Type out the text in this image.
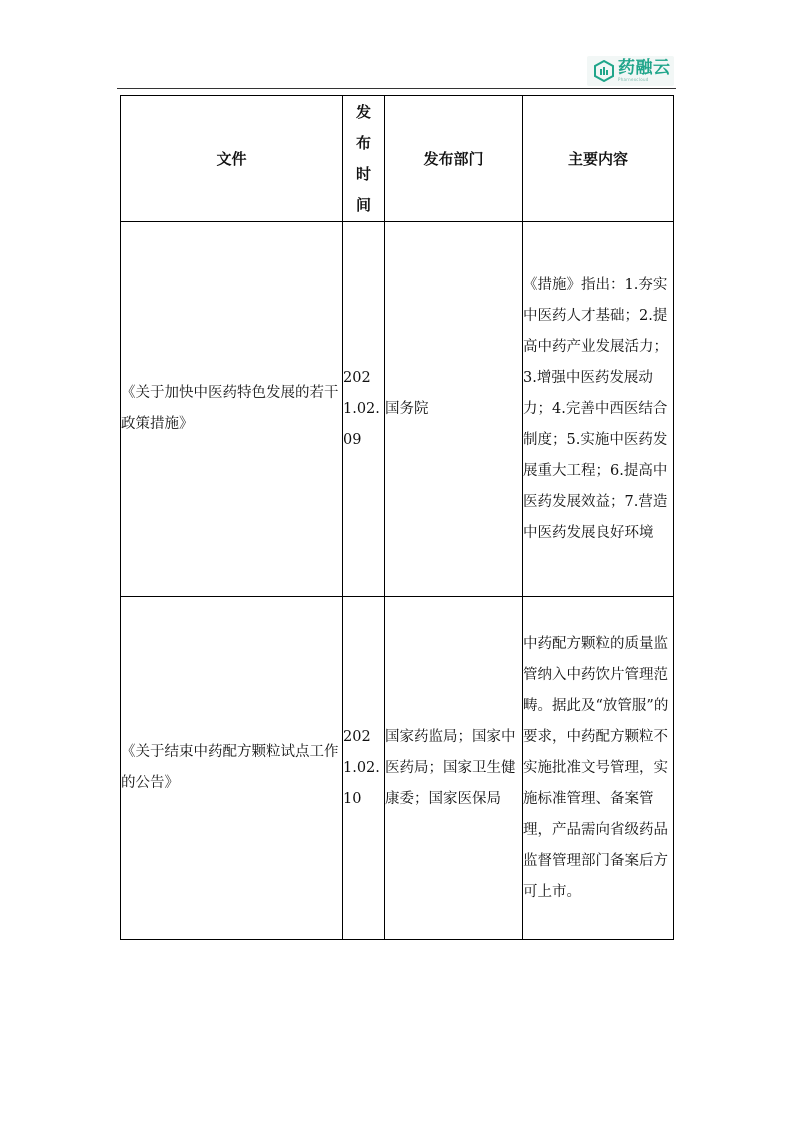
药融云
Pharnexcloud
文件	发布时间	发布部门	主要内容
《关于加快中医药特色发展的若干政策措施》	2021.02.09	国务院	《措施》指出：1.夯实中医药人才基础；2.提高中药产业发展活力；3.增强中医药发展动力；4.完善中西医结合制度；5.实施中医药发展重大工程；6.提高中医药发展效益；7.营造中医药发展良好环境
《关于结束中药配方颗粒试点工作的公告》	2021.02.10	国家药监局；国家中医药局；国家卫生健康委；国家医保局	中药配方颗粒的质量监管纳入中药饮片管理范畴。据此及“放管服”的要求，中药配方颗粒不实施批准文号管理，实施标准管理、备案管理，产品需向省级药品监督管理部门备案后方可上市。
